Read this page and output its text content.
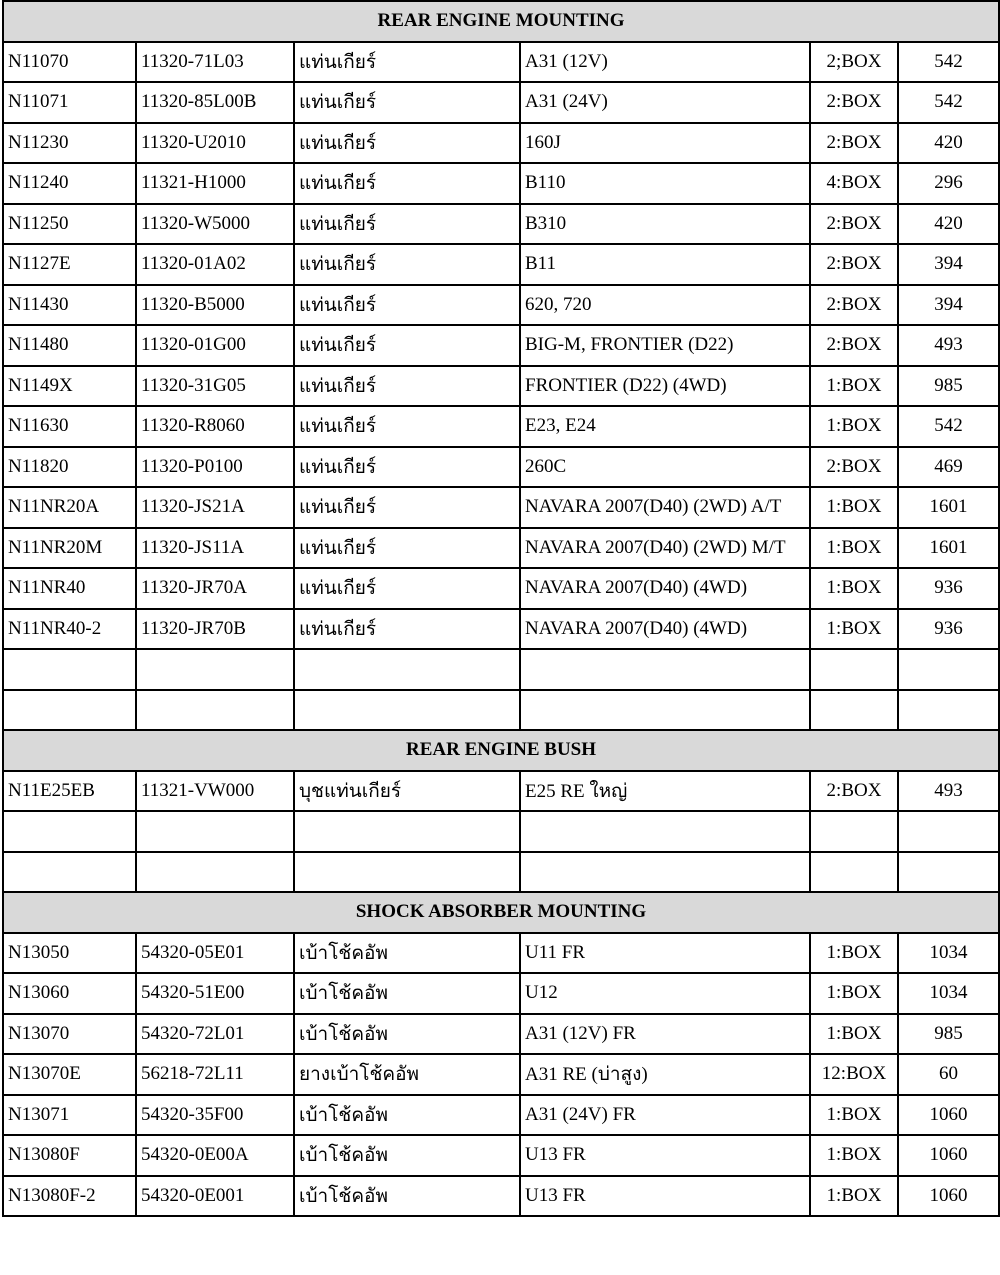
REAR ENGINE MOUNTING					
N11070	11320-71L03	แท่นเกียร์	A31 (12V)	2;BOX	542
N11071	11320-85L00B	แท่นเกียร์	A31 (24V)	2:BOX	542
N11230	11320-U2010	แท่นเกียร์	160J	2:BOX	420
N11240	11321-H1000	แท่นเกียร์	B110	4:BOX	296
N11250	11320-W5000	แท่นเกียร์	B310	2:BOX	420
N1127E	11320-01A02	แท่นเกียร์	B11	2:BOX	394
N11430	11320-B5000	แท่นเกียร์	620, 720	2:BOX	394
N11480	11320-01G00	แท่นเกียร์	BIG-M, FRONTIER (D22)	2:BOX	493
N1149X	11320-31G05	แท่นเกียร์	FRONTIER (D22) (4WD)	1:BOX	985
N11630	11320-R8060	แท่นเกียร์	E23, E24	1:BOX	542
N11820	11320-P0100	แท่นเกียร์	260C	2:BOX	469
N11NR20A	11320-JS21A	แท่นเกียร์	NAVARA 2007(D40) (2WD) A/T	1:BOX	1601
N11NR20M	11320-JS11A	แท่นเกียร์	NAVARA 2007(D40) (2WD) M/T	1:BOX	1601
N11NR40	11320-JR70A	แท่นเกียร์	NAVARA 2007(D40) (4WD)	1:BOX	936
N11NR40-2	11320-JR70B	แท่นเกียร์	NAVARA 2007(D40) (4WD)	1:BOX	936

REAR ENGINE BUSH					
N11E25EB	11321-VW000	บุชแท่นเกียร์	E25 RE ใหญ่	2:BOX	493

SHOCK ABSORBER MOUNTING					
N13050	54320-05E01	เบ้าโช้คอัพ	U11 FR	1:BOX	1034
N13060	54320-51E00	เบ้าโช้คอัพ	U12	1:BOX	1034
N13070	54320-72L01	เบ้าโช้คอัพ	A31 (12V) FR	1:BOX	985
N13070E	56218-72L11	ยางเบ้าโช้คอัพ	A31 RE (บ่าสูง)	12:BOX	60
N13071	54320-35F00	เบ้าโช้คอัพ	A31 (24V) FR	1:BOX	1060
N13080F	54320-0E00A	เบ้าโช้คอัพ	U13 FR	1:BOX	1060
N13080F-2	54320-0E001	เบ้าโช้คอัพ	U13 FR	1:BOX	1060
